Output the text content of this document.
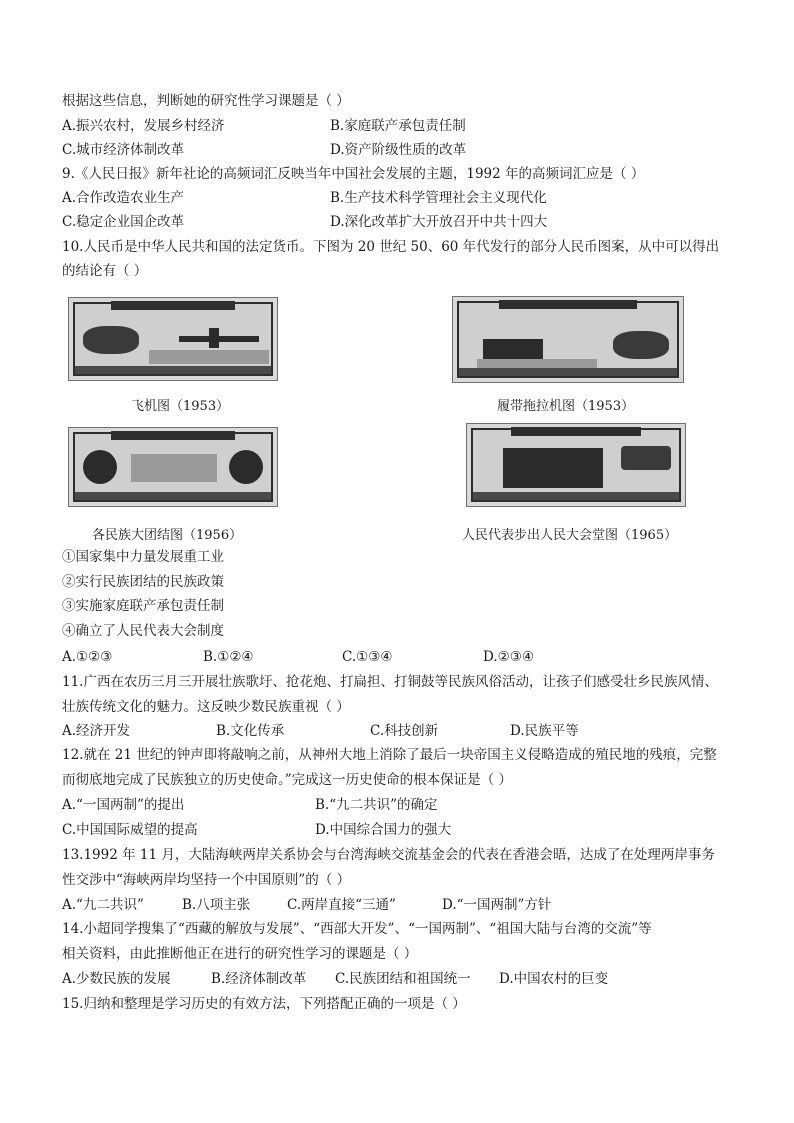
根据这些信息，判断她的研究性学习课题是（ ）
A.振兴农村，发展乡村经济	B.家庭联产承包责任制
C.城市经济体制改革	D.资产阶级性质的改革
9.《人民日报》新年社论的高频词汇反映当年中国社会发展的主题，1992 年的高频词汇应是（ ）
A.合作改造农业生产	B.生产技术科学管理社会主义现代化
C.稳定企业国企改革	D.深化改革扩大开放召开中共十四大
10.人民币是中华人民共和国的法定货币。下图为 20 世纪 50、60 年代发行的部分人民币图案，从中可以得出
的结论有（ ）
飞机图（1953）	履带拖拉机图（1953）
各民族大团结图（1956）	人民代表步出人民大会堂图（1965）
①国家集中力量发展重工业
②实行民族团结的民族政策
③实施家庭联产承包责任制
④确立了人民代表大会制度
A.①②③	B.①②④	C.①③④	D.②③④
11.广西在农历三月三开展壮族歌圩、抢花炮、打扁担、打铜鼓等民族风俗活动，让孩子们感受壮乡民族风情、
壮族传统文化的魅力。这反映少数民族重视（ ）
A.经济开发	B.文化传承	C.科技创新	D.民族平等
12.就在 21 世纪的钟声即将敲响之前，从神州大地上消除了最后一块帝国主义侵略造成的殖民地的残痕，完整
而彻底地完成了民族独立的历史使命。”完成这一历史使命的根本保证是（ ）
A.“一国两制”的提出	B.“九二共识”的确定
C.中国国际威望的提高	D.中国综合国力的强大
13.1992 年 11 月，大陆海峡两岸关系协会与台湾海峡交流基金会的代表在香港会晤，达成了在处理两岸事务
性交涉中“海峡两岸均坚持一个中国原则”的（ ）
A.“九二共识”	B.八项主张	C.两岸直接“三通”	D.“一国两制”方针
14.小超同学搜集了“西藏的解放与发展”、“西部大开发”、“一国两制”、“祖国大陆与台湾的交流”等
相关资料，由此推断他正在进行的研究性学习的课题是（ ）
A.少数民族的发展	B.经济体制改革 C.民族团结和祖国统一 D.中国农村的巨变
15.归纳和整理是学习历史的有效方法，下列搭配正确的一项是（ ）
